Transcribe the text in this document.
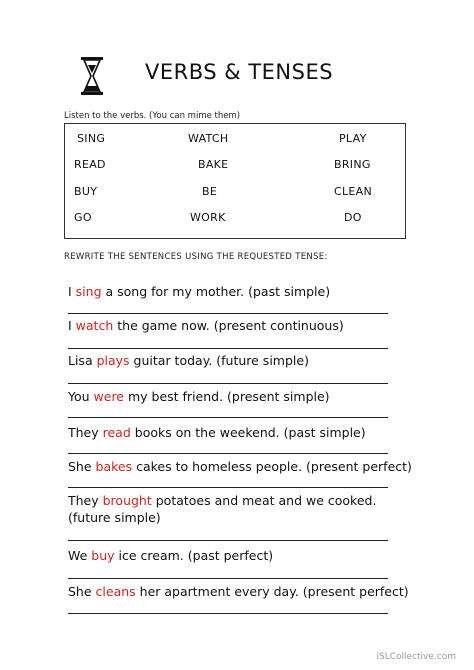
VERBS & TENSES
Listen to the verbs. (You can mime them)
SING	WATCH	PLAY
READ	BAKE	BRING
BUY	BE	CLEAN
GO	WORK	DO
REWRITE THE SENTENCES USING THE REQUESTED TENSE:
I sing a song for my mother. (past simple)
I watch the game now. (present continuous)
Lisa plays guitar today. (future simple)
You were my best friend. (present simple)
They read books on the weekend. (past simple)
She bakes cakes to homeless people. (present perfect)
They brought potatoes and meat and we cooked. (future simple)
We buy ice cream. (past perfect)
She cleans her apartment every day. (present perfect)
iSLCollective.com
